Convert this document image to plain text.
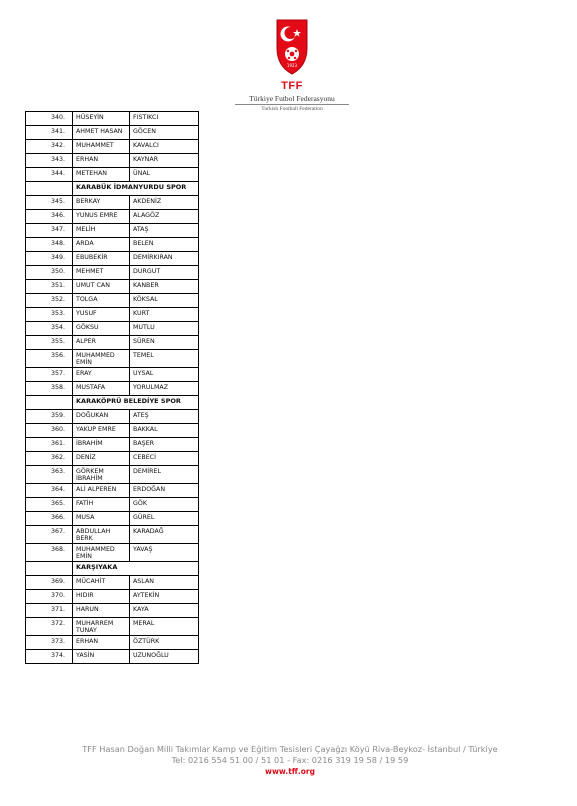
1923
TFF
Türkiye Futbol Federasyonu
Turkish Football Federation
340.	HÜSEYİN	FISTIKCI
341.	AHMET HASAN	GÖCEN
342.	MUHAMMET	KAVALCI
343.	ERHAN	KAYNAR
344.	METEHAN	ÜNAL
	KARABÜK İDMANYURDU SPOR	
345.	BERKAY	AKDENİZ
346.	YUNUS EMRE	ALAGÖZ
347.	MELİH	ATAŞ
348.	ARDA	BELEN
349.	EBUBEKİR	DEMİRKIRAN
350.	MEHMET	DURGUT
351.	UMUT CAN	KANBER
352.	TOLGA	KÖKSAL
353.	YUSUF	KURT
354.	GÖKSU	MUTLU
355.	ALPER	SÜREN
356.	MUHAMMED EMİN	TEMEL
357.	ERAY	UYSAL
358.	MUSTAFA	YORULMAZ
	KARAKÖPRÜ BELEDİYE SPOR	
359.	DOĞUKAN	ATEŞ
360.	YAKUP EMRE	BAKKAL
361.	İBRAHİM	BAŞER
362.	DENİZ	CEBECİ
363.	GÖRKEM İBRAHİM	DEMİREL
364.	ALİ ALPEREN	ERDOĞAN
365.	FATİH	GÖK
366.	MUSA	GÜREL
367.	ABDULLAH BERK	KARADAĞ
368.	MUHAMMED EMİN	YAVAŞ
	KARŞIYAKA	
369.	MÜCAHİT	ASLAN
370.	HIDIR	AYTEKİN
371.	HARUN	KAYA
372.	MUHARREM TUNAY	MERAL
373.	ERHAN	ÖZTÜRK
374.	YASİN	UZUNOĞLU
TFF Hasan Doğan Milli Takımlar Kamp ve Eğitim Tesisleri Çayağzı Köyü Riva-Beykoz- İstanbul / Türkiye
Tel: 0216 554 51 00 / 51 01 - Fax: 0216 319 19 58 / 19 59
www.tff.org
